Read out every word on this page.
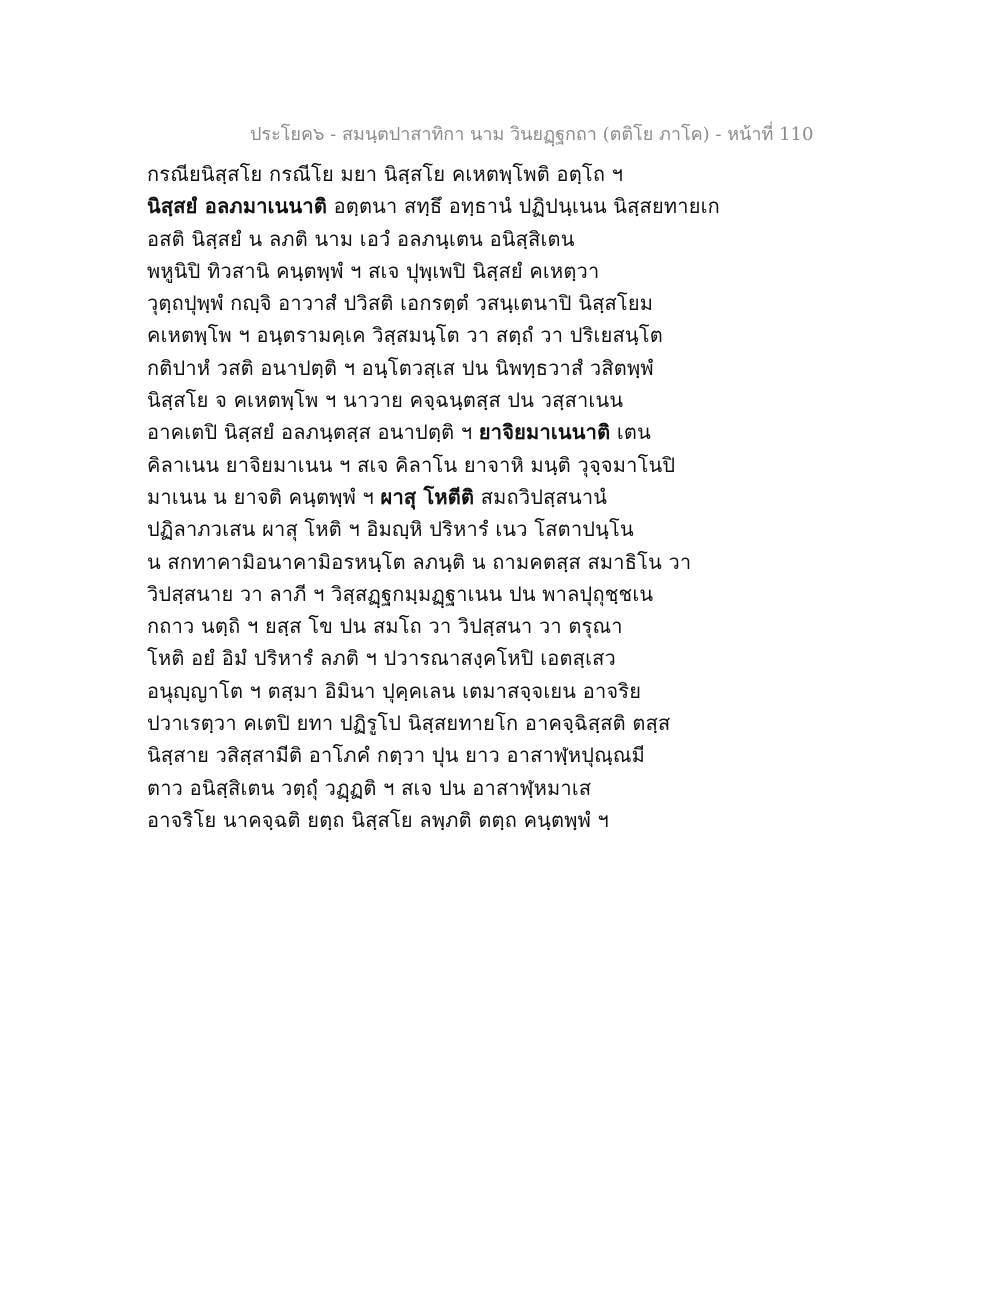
ประโยค๖ - สมนฺตปาสาทิกา นาม วินยฏฺฐกถา (ตติโย ภาโค) - หน้าที่ 110
กรณียนิสฺสโย กรณีโย มยา นิสฺสโย คเหตพฺโพติ อตฺโถ ฯ
นิสฺสยํ อลภมาเนนาติ อตฺตนา สทฺธึ อทฺธานํ ปฏิปนฺเนน นิสฺสยทายเก
อสติ นิสฺสยํ น ลภติ นาม เอวํ อลภนฺเตน อนิสฺสิเตน
พหูนิปิ ทิวสานิ คนฺตพฺพํ ฯ สเจ ปุพฺเพปิ นิสฺสยํ คเหตฺวา
วุตฺถปุพฺพํ กญฺจิ อาวาสํ ปวิสติ เอกรตฺตํ วสนฺเตนาปิ นิสฺสโยม
คเหตพฺโพ ฯ อนฺตรามคฺเค วิสฺสมนฺโต วา สตฺถํ วา ปริเยสนฺโต
กติปาหํ วสติ อนาปตฺติ ฯ อนฺโตวสฺเส ปน นิพทฺธวาสํ วสิตพฺพํ
นิสฺสโย จ คเหตพฺโพ ฯ นาวาย คจฺฉนฺตสฺส ปน วสฺสาเนน
อาคเตปิ นิสฺสยํ อลภนฺตสฺส อนาปตฺติ ฯ ยาจิยมาเนนาติ เตน
คิลาเนน ยาจิยมาเนน ฯ สเจ คิลาโน ยาจาหิ มนฺติ วุจฺจมาโนปิ
มาเนน น ยาจติ คนฺตพฺพํ ฯ ผาสุ โหตีติ สมถวิปสฺสนานํ
ปฏิลาภวเสน ผาสุ โหติ ฯ อิมญฺหิ ปริหารํ เนว โสตาปนฺโน
น สกทาคามิอนาคามิอรหนฺโต ลภนฺติ น ถามคตสฺส สมาธิโน วา
วิปสฺสนาย วา ลาภี ฯ วิสฺสฏฺฐกมฺมฏฺฐาเนน ปน พาลปุถุชฺชเน
กถาว นตฺถิ ฯ ยสฺส โข ปน สมโถ วา วิปสฺสนา วา ตรุณา
โหติ อยํ อิมํ ปริหารํ ลภติ ฯ ปวารณาสงฺคโหปิ เอตสฺเสว
อนุญฺญาโต ฯ ตสฺมา อิมินา ปุคฺคเลน เตมาสจฺจเยน อาจริย
ปวาเรตฺวา คเตปิ ยทา ปฏิรูโป นิสฺสยทายโก อาคจฺฉิสฺสติ ตสฺส
นิสฺสาย วสิสฺสามีติ อาโภคํ กตฺวา ปุน ยาว อาสาฬฺหปุณฺณมี
ตาว อนิสฺสิเตน วตฺถุํ วฏฺฏติ ฯ สเจ ปน อาสาฬฺหมาเส
อาจริโย นาคจฺฉติ ยตฺถ นิสฺสโย ลพฺภติ ตตฺถ คนฺตพฺพํ ฯ
